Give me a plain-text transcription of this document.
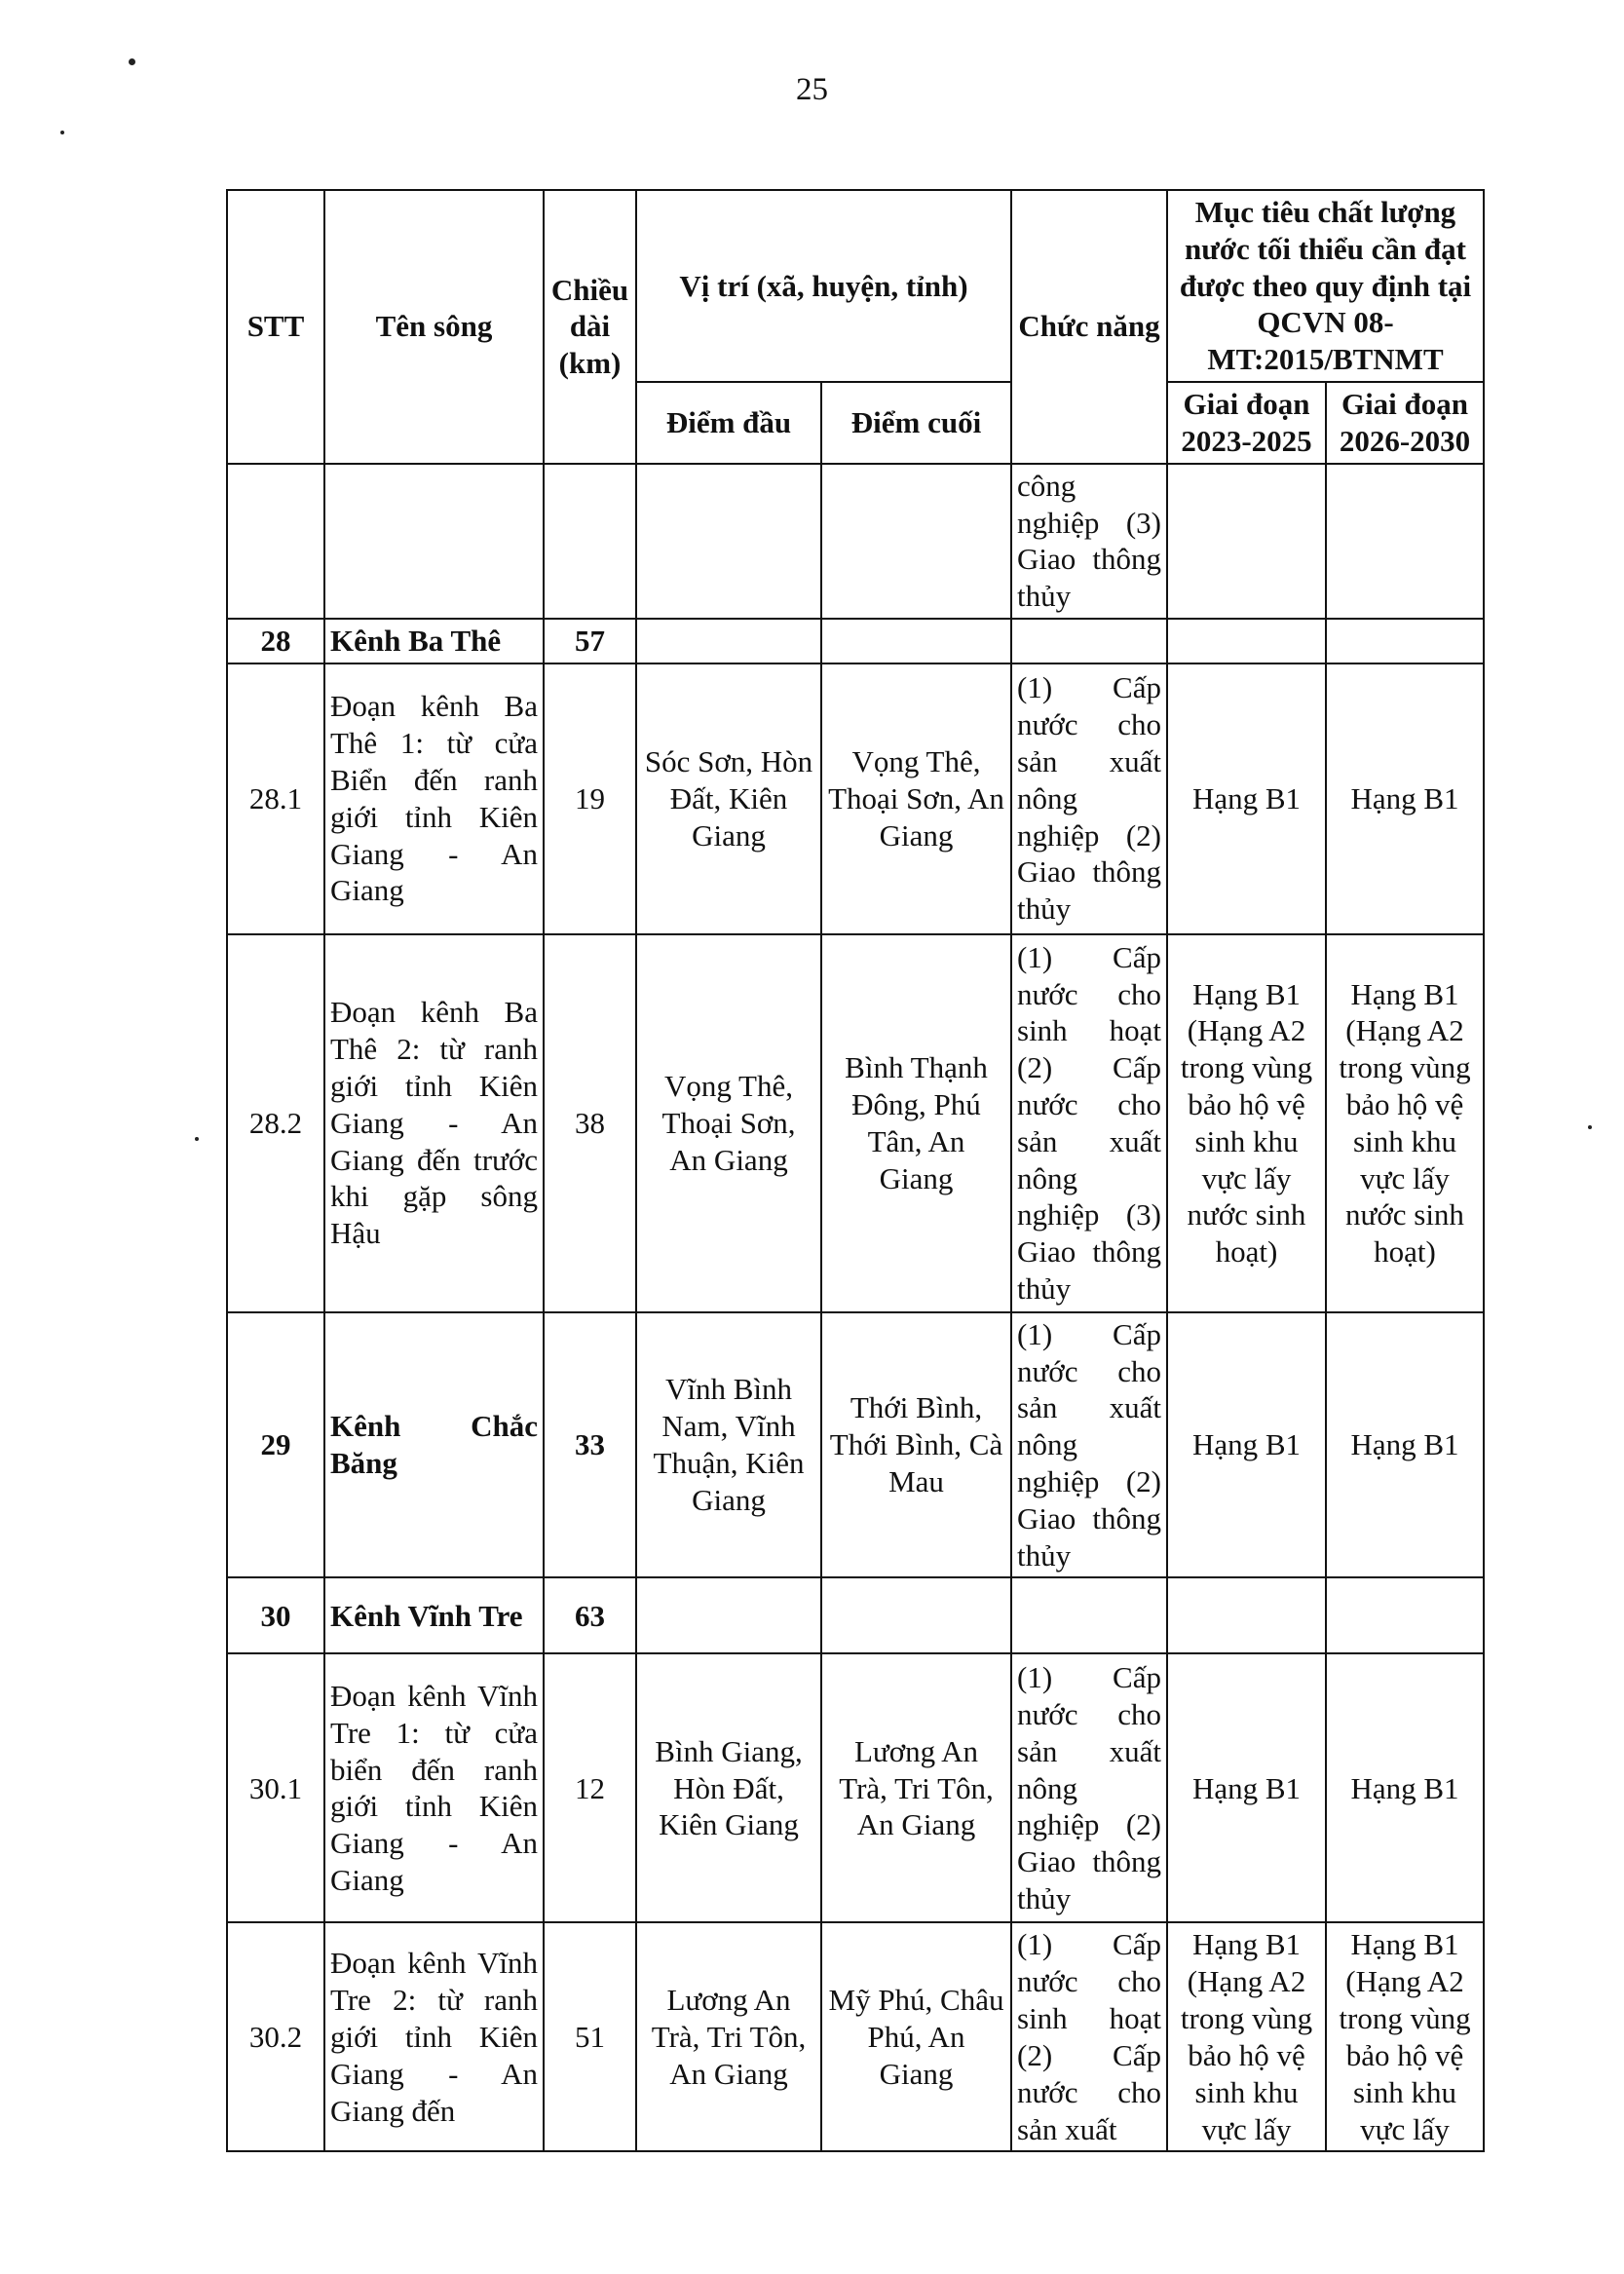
25
STT	Tên sông	Chiều dài (km)	Vị trí (xã, huyện, tỉnh)		Chức năng	Mục tiêu chất lượng nước tối thiểu cần đạt được theo quy định tại QCVN 08-MT:2015/BTNMT	
			Điểm đầu	Điểm cuối		Giai đoạn 2023-2025	Giai đoạn 2026-2030
					công nghiệp (3) Giao thông thủy		
28	Kênh Ba Thê	57					
28.1	Đoạn kênh Ba Thê 1: từ cửa Biển đến ranh giới tỉnh Kiên Giang - An Giang	19	Sóc Sơn, Hòn Đất, Kiên Giang	Vọng Thê, Thoại Sơn, An Giang	(1) Cấp nước cho sản xuất nông nghiệp (2) Giao thông thủy	Hạng B1	Hạng B1
28.2	Đoạn kênh Ba Thê 2: từ ranh giới tỉnh Kiên Giang - An Giang đến trước khi gặp sông Hậu	38	Vọng Thê, Thoại Sơn, An Giang	Bình Thạnh Đông, Phú Tân, An Giang	(1) Cấp nước cho sinh hoạt (2) Cấp nước cho sản xuất nông nghiệp (3) Giao thông thủy	Hạng B1 (Hạng A2 trong vùng bảo hộ vệ sinh khu vực lấy nước sinh hoạt)	Hạng B1 (Hạng A2 trong vùng bảo hộ vệ sinh khu vực lấy nước sinh hoạt)
29	Kênh Chắc Băng	33	Vĩnh Bình Nam, Vĩnh Thuận, Kiên Giang	Thới Bình, Thới Bình, Cà Mau	(1) Cấp nước cho sản xuất nông nghiệp (2) Giao thông thủy	Hạng B1	Hạng B1
30	Kênh Vĩnh Tre	63					
30.1	Đoạn kênh Vĩnh Tre 1: từ cửa biển đến ranh giới tỉnh Kiên Giang - An Giang	12	Bình Giang, Hòn Đất, Kiên Giang	Lương An Trà, Tri Tôn, An Giang	(1) Cấp nước cho sản xuất nông nghiệp (2) Giao thông thủy	Hạng B1	Hạng B1
30.2	Đoạn kênh Vĩnh Tre 2: từ ranh giới tỉnh Kiên Giang - An Giang đến	51	Lương An Trà, Tri Tôn, An Giang	Mỹ Phú, Châu Phú, An Giang	(1) Cấp nước cho sinh hoạt (2) Cấp nước cho sản xuất	Hạng B1 (Hạng A2 trong vùng bảo hộ vệ sinh khu vực lấy	Hạng B1 (Hạng A2 trong vùng bảo hộ vệ sinh khu vực lấy
